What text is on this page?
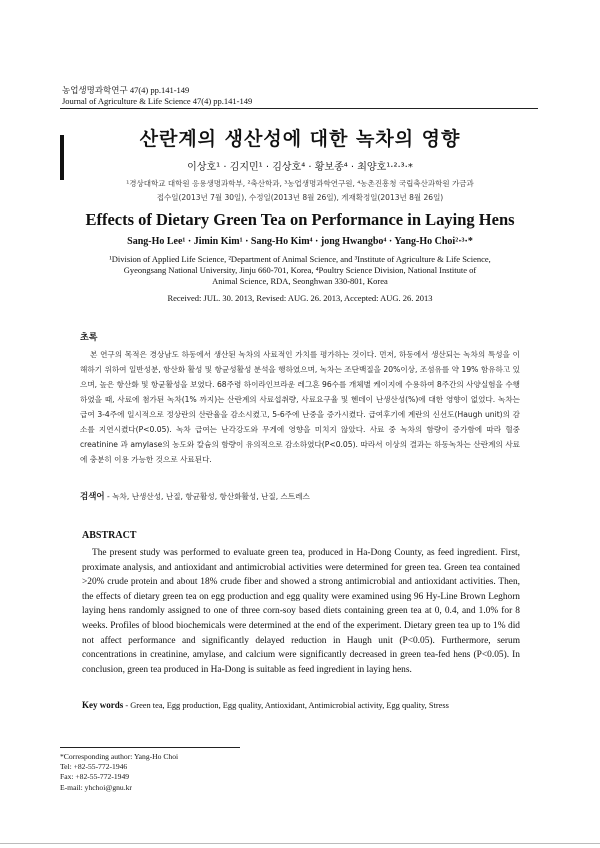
농업생명과학연구 47(4) pp.141-149
Journal of Agriculture & Life Science 47(4) pp.141-149
산란계의 생산성에 대한 녹차의 영향
이상호¹ · 김지민¹ · 김상호⁴ · 황보종⁴ · 최양호¹·²·³·*
¹경상대학교 대학원 응용생명과학부, ²축산학과, ³농업생명과학연구원, ⁴농촌진흥청 국립축산과학원 가금과
접수일(2013년 7월 30일), 수정일(2013년 8월 26일), 게재확정일(2013년 8월 26일)
Effects of Dietary Green Tea on Performance in Laying Hens
Sang-Ho Lee¹ · Jimin Kim¹ · Sang-Ho Kim⁴ · jong Hwangbo⁴ · Yang-Ho Choi²·³·*
¹Division of Applied Life Science, ²Department of Animal Science, and ³Institute of Agriculture & Life Science,
Gyeongsang National University, Jinju 660-701, Korea, ⁴Poultry Science Division, National Institute of
Animal Science, RDA, Seonghwan 330-801, Korea
Received: JUL. 30. 2013, Revised: AUG. 26. 2013, Accepted: AUG. 26. 2013
초록
본 연구의 목적은 경상남도 하동에서 생산된 녹차의 사료적인 가치를 평가하는 것이다. 먼저, 하동에서 생산되는 녹차의 특성을 이해하기 위하여 일반성분, 항산화 활성 및 항균성활성 분석을 행하였으며, 녹차는 조단백질을 20%이상, 조섬유를 약 19% 함유하고 있으며, 높은 항산화 및 항균활성을 보였다. 68주령 하이라인브라운 레그혼 96수를 개체별 케이지에 수용하여 8주간의 사양실험을 수행하였을 때, 사료에 첨가된 녹차(1% 까지)는 산란계의 사료섭취량, 사료요구율 및 헨데이 난생산성(%)에 대한 영향이 없었다. 녹차는 급여 3-4주에 일시적으로 정상란의 산란율을 감소시켰고, 5-6주에 난중을 증가시켰다. 급여후기에 계란의 신선도(Haugh unit)의 감소를 지연시켰다(P<0.05). 녹차 급여는 난각강도와 무게에 영향을 미치지 않았다. 사료 중 녹차의 함량이 증가함에 따라 혈중 creatinine 과 amylase의 농도와 칼슘의 함량이 유의적으로 감소하였다(P<0.05). 따라서 이상의 결과는 하동녹차는 산란계의 사료에 충분히 이용 가능한 것으로 사료된다.
검색어 - 녹차, 난생산성, 난질, 항균활성, 항산화활성, 난질, 스트레스
ABSTRACT
The present study was performed to evaluate green tea, produced in Ha-Dong County, as feed ingredient. First, proximate analysis, and antioxidant and antimicrobial activities were determined for green tea. Green tea contained >20% crude protein and about 18% crude fiber and showed a strong antimicrobial and antioxidant activities. Then, the effects of dietary green tea on egg production and egg quality were examined using 96 Hy-Line Brown Leghorn laying hens randomly assigned to one of three corn-soy based diets containing green tea at 0, 0.4, and 1.0% for 8 weeks. Profiles of blood biochemicals were determined at the end of the experiment. Dietary green tea up to 1% did not affect performance and significantly delayed reduction in Haugh unit (P<0.05). Furthermore, serum concentrations in creatinine, amylase, and calcium were significantly decreased in green tea-fed hens (P<0.05). In conclusion, green tea produced in Ha-Dong is suitable as feed ingredient in laying hens.
Key words - Green tea, Egg production, Egg quality, Antioxidant, Antimicrobial activity, Egg quality, Stress
*Corresponding author: Yang-Ho Choi
Tel: +82-55-772-1946
Fax: +82-55-772-1949
E-mail: yhchoi@gnu.kr
